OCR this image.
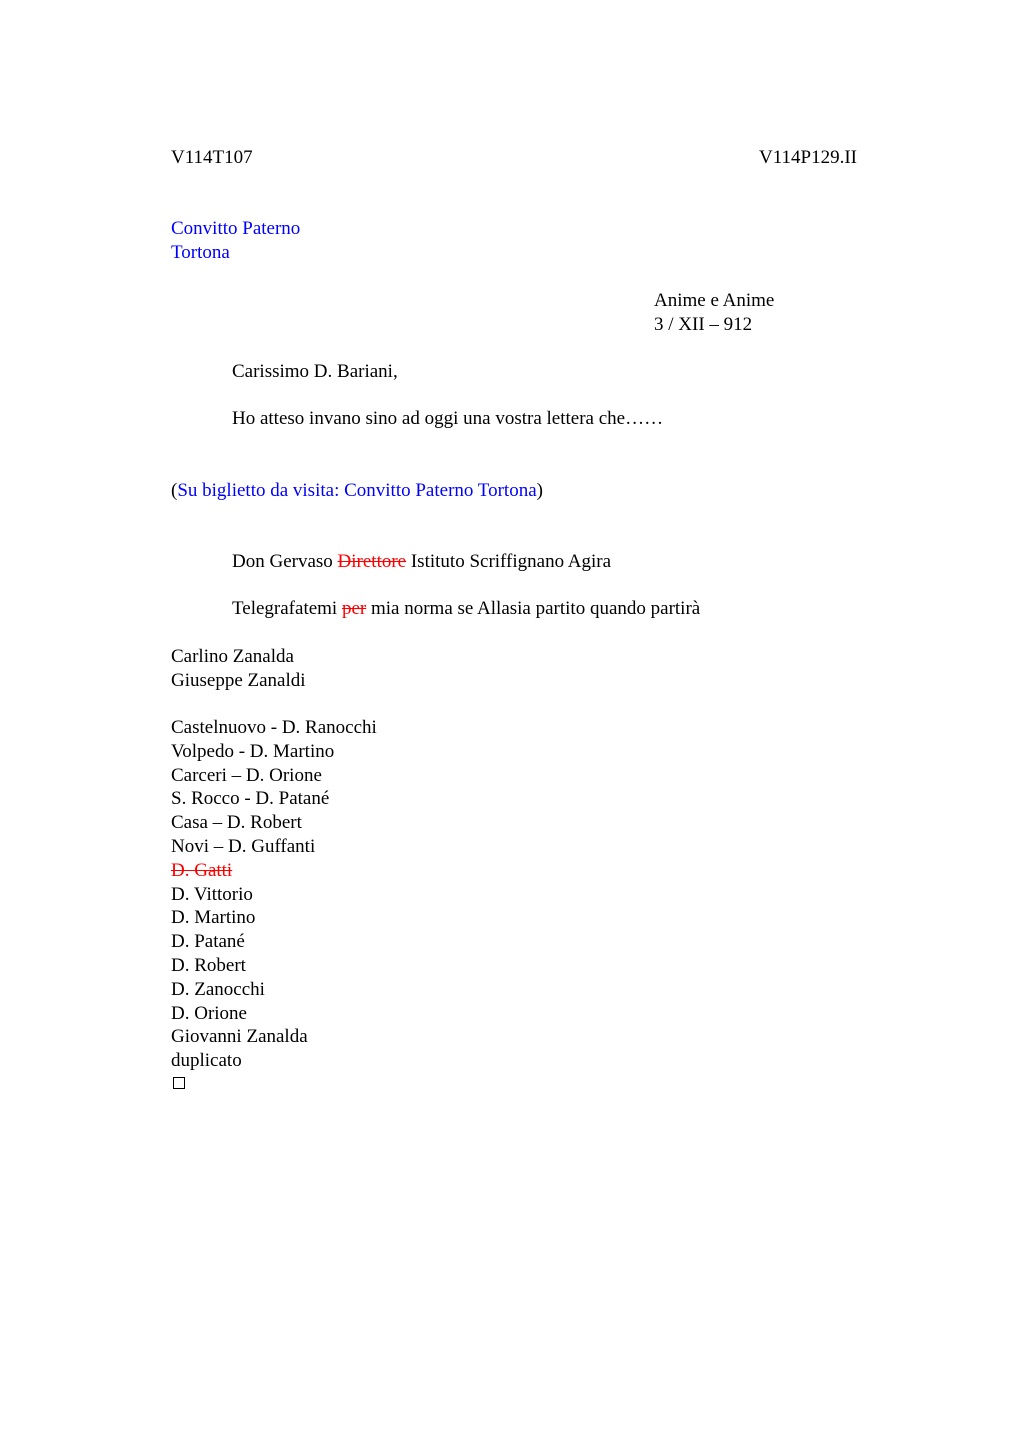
V114T107	V114P129.II
Convitto Paterno
Tortona
Anime e Anime
3 / XII – 912
Carissimo D. Bariani,
Ho atteso invano sino ad oggi una vostra lettera che……
(Su biglietto da visita: Convitto Paterno Tortona)
Don Gervaso Direttore Istituto Scriffignano Agira
Telegrafatemi per mia norma se Allasia partito quando partirà
Carlino Zanalda
Giuseppe Zanaldi
Castelnuovo - D. Ranocchi
Volpedo - D. Martino
Carceri – D. Orione
S. Rocco - D. Patané
Casa – D. Robert
Novi – D. Guffanti
D. Gatti
D. Vittorio
D. Martino
D. Patané
D. Robert
D. Zanocchi
D. Orione
Giovanni Zanalda
duplicato
